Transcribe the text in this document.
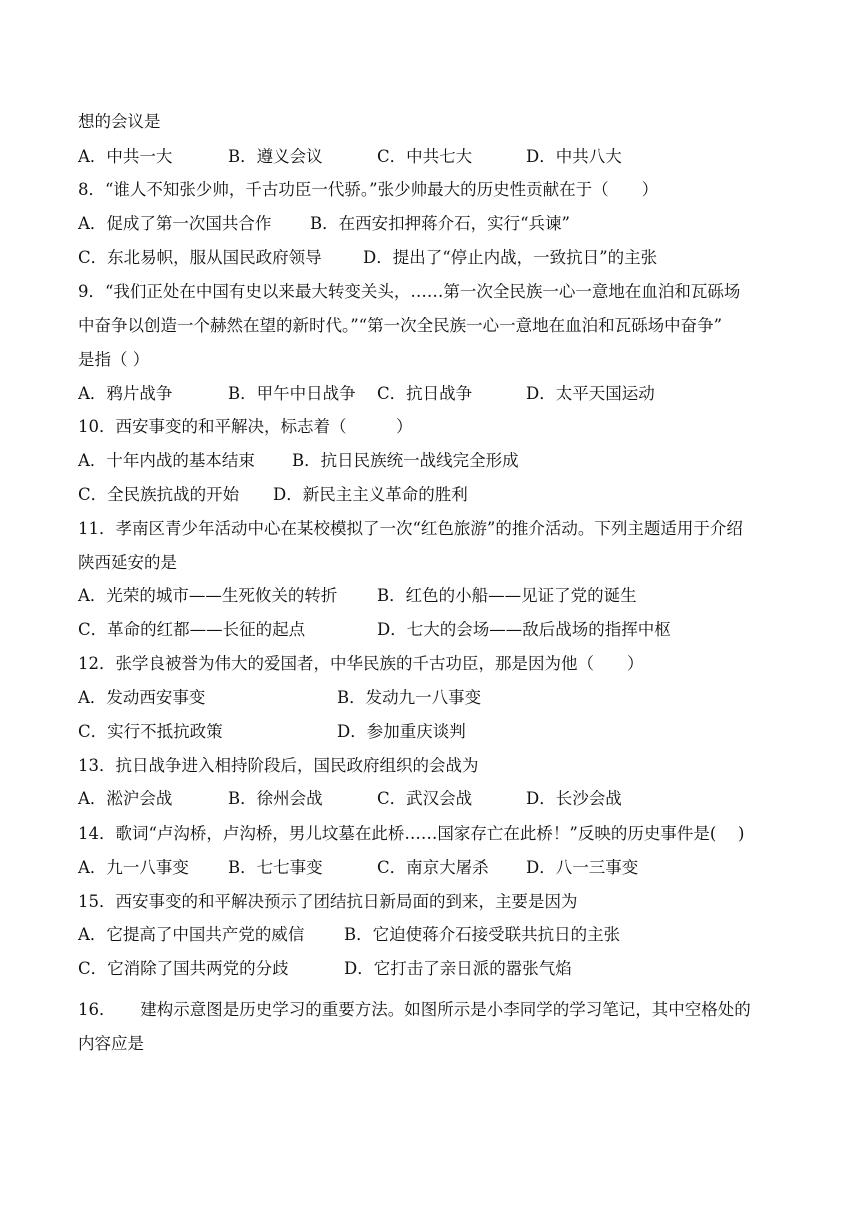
想的会议是
A．中共一大	B．遵义会议	C．中共七大	D．中共八大
8．“谁人不知张少帅，千古功臣一代骄。”张少帅最大的历史性贡献在于（　　）
A．促成了第一次国共合作 B．在西安扣押蒋介石，实行“兵谏”
C．东北易帜，服从国民政府领导	D．提出了“停止内战，一致抗日”的主张
9．“我们正处在中国有史以来最大转变关头，……第一次全民族一心一意地在血泊和瓦砾场
中奋争以创造一个赫然在望的新时代。”“第一次全民族一心一意地在血泊和瓦砾场中奋争”
是指（ ）
A．鸦片战争	B．甲午中日战争 C．抗日战争	D．太平天国运动
10．西安事变的和平解决，标志着（　　　）
A．十年内战的基本结束 B．抗日民族统一战线完全形成
C．全民族抗战的开始 D．新民主主义革命的胜利
11．孝南区青少年活动中心在某校模拟了一次“红色旅游”的推介活动。下列主题适用于介绍
陕西延安的是
A．光荣的城市——生死攸关的转折 B．红色的小船——见证了党的诞生
C．革命的红都——长征的起点	D．七大的会场——敌后战场的指挥中枢
12．张学良被誉为伟大的爱国者，中华民族的千古功臣，那是因为他（　　）
A．发动西安事变	B．发动九一八事变
C．实行不抵抗政策	D．参加重庆谈判
13．抗日战争进入相持阶段后，国民政府组织的会战为
A．淞沪会战	B．徐州会战	C．武汉会战	D．长沙会战
14．歌词“卢沟桥，卢沟桥，男儿坟墓在此桥……国家存亡在此桥！”反映的历史事件是(　 )
A．九一八事变 B．七七事变	C．南京大屠杀 D．八一三事变
15．西安事变的和平解决预示了团结抗日新局面的到来，主要是因为
A．它提高了中国共产党的威信 B．它迫使蒋介石接受联共抗日的主张
C．它消除了国共两党的分歧	D．它打击了亲日派的嚣张气焰
16．　　建构示意图是历史学习的重要方法。如图所示是小李同学的学习笔记，其中空格处的
内容应是
